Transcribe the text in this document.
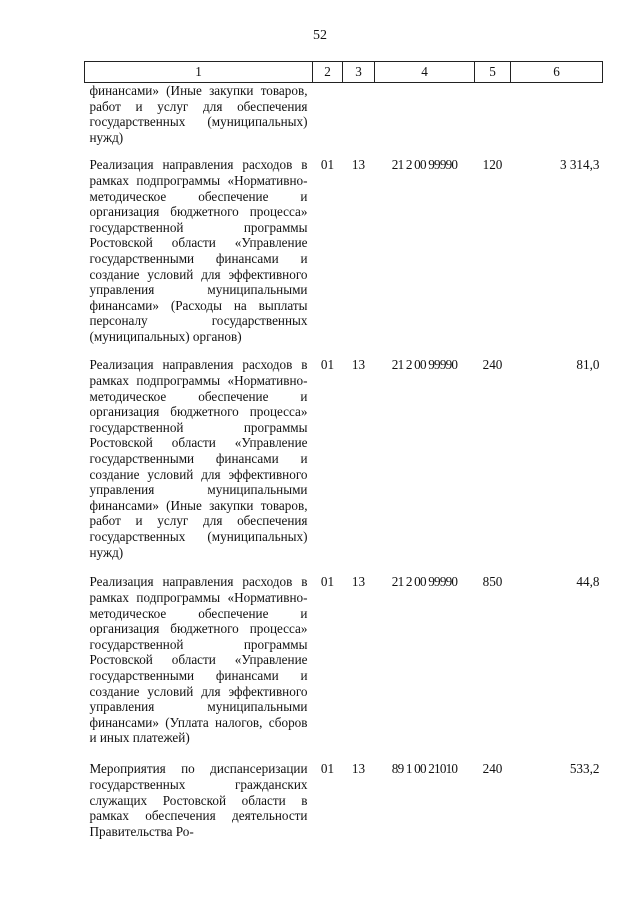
52
1	2	3	4	5	6
финансами» (Иные закупки товаров, работ и услуг для обеспечения государственных (муниципальных) нужд)					
Реализация направления расходов в рамках подпрограммы «Нормативно-методическое обеспечение и организация бюджетного процесса» государственной программы Ростовской области «Управление государственными финансами и создание условий для эффективного управления муниципальными финансами» (Расходы на выплаты персоналу государственных (муниципальных) органов)	01	13	21 2 00 99990	120	3 314,3
Реализация направления расходов в рамках подпрограммы «Нормативно-методическое обеспечение и организация бюджетного процесса» государственной программы Ростовской области «Управление государственными финансами и создание условий для эффективного управления муниципальными финансами» (Иные закупки товаров, работ и услуг для обеспечения государственных (муниципальных) нужд)	01	13	21 2 00 99990	240	81,0
Реализация направления расходов в рамках подпрограммы «Нормативно-методическое обеспечение и организация бюджетного процесса» государственной программы Ростовской области «Управление государственными финансами и создание условий для эффективного управления муниципальными финансами» (Уплата налогов, сборов и иных платежей)	01	13	21 2 00 99990	850	44,8
Мероприятия по диспансеризации государственных гражданских служащих Ростовской области в рамках обеспечения деятельности Правительства Ро-	01	13	89 1 00 21010	240	533,2
